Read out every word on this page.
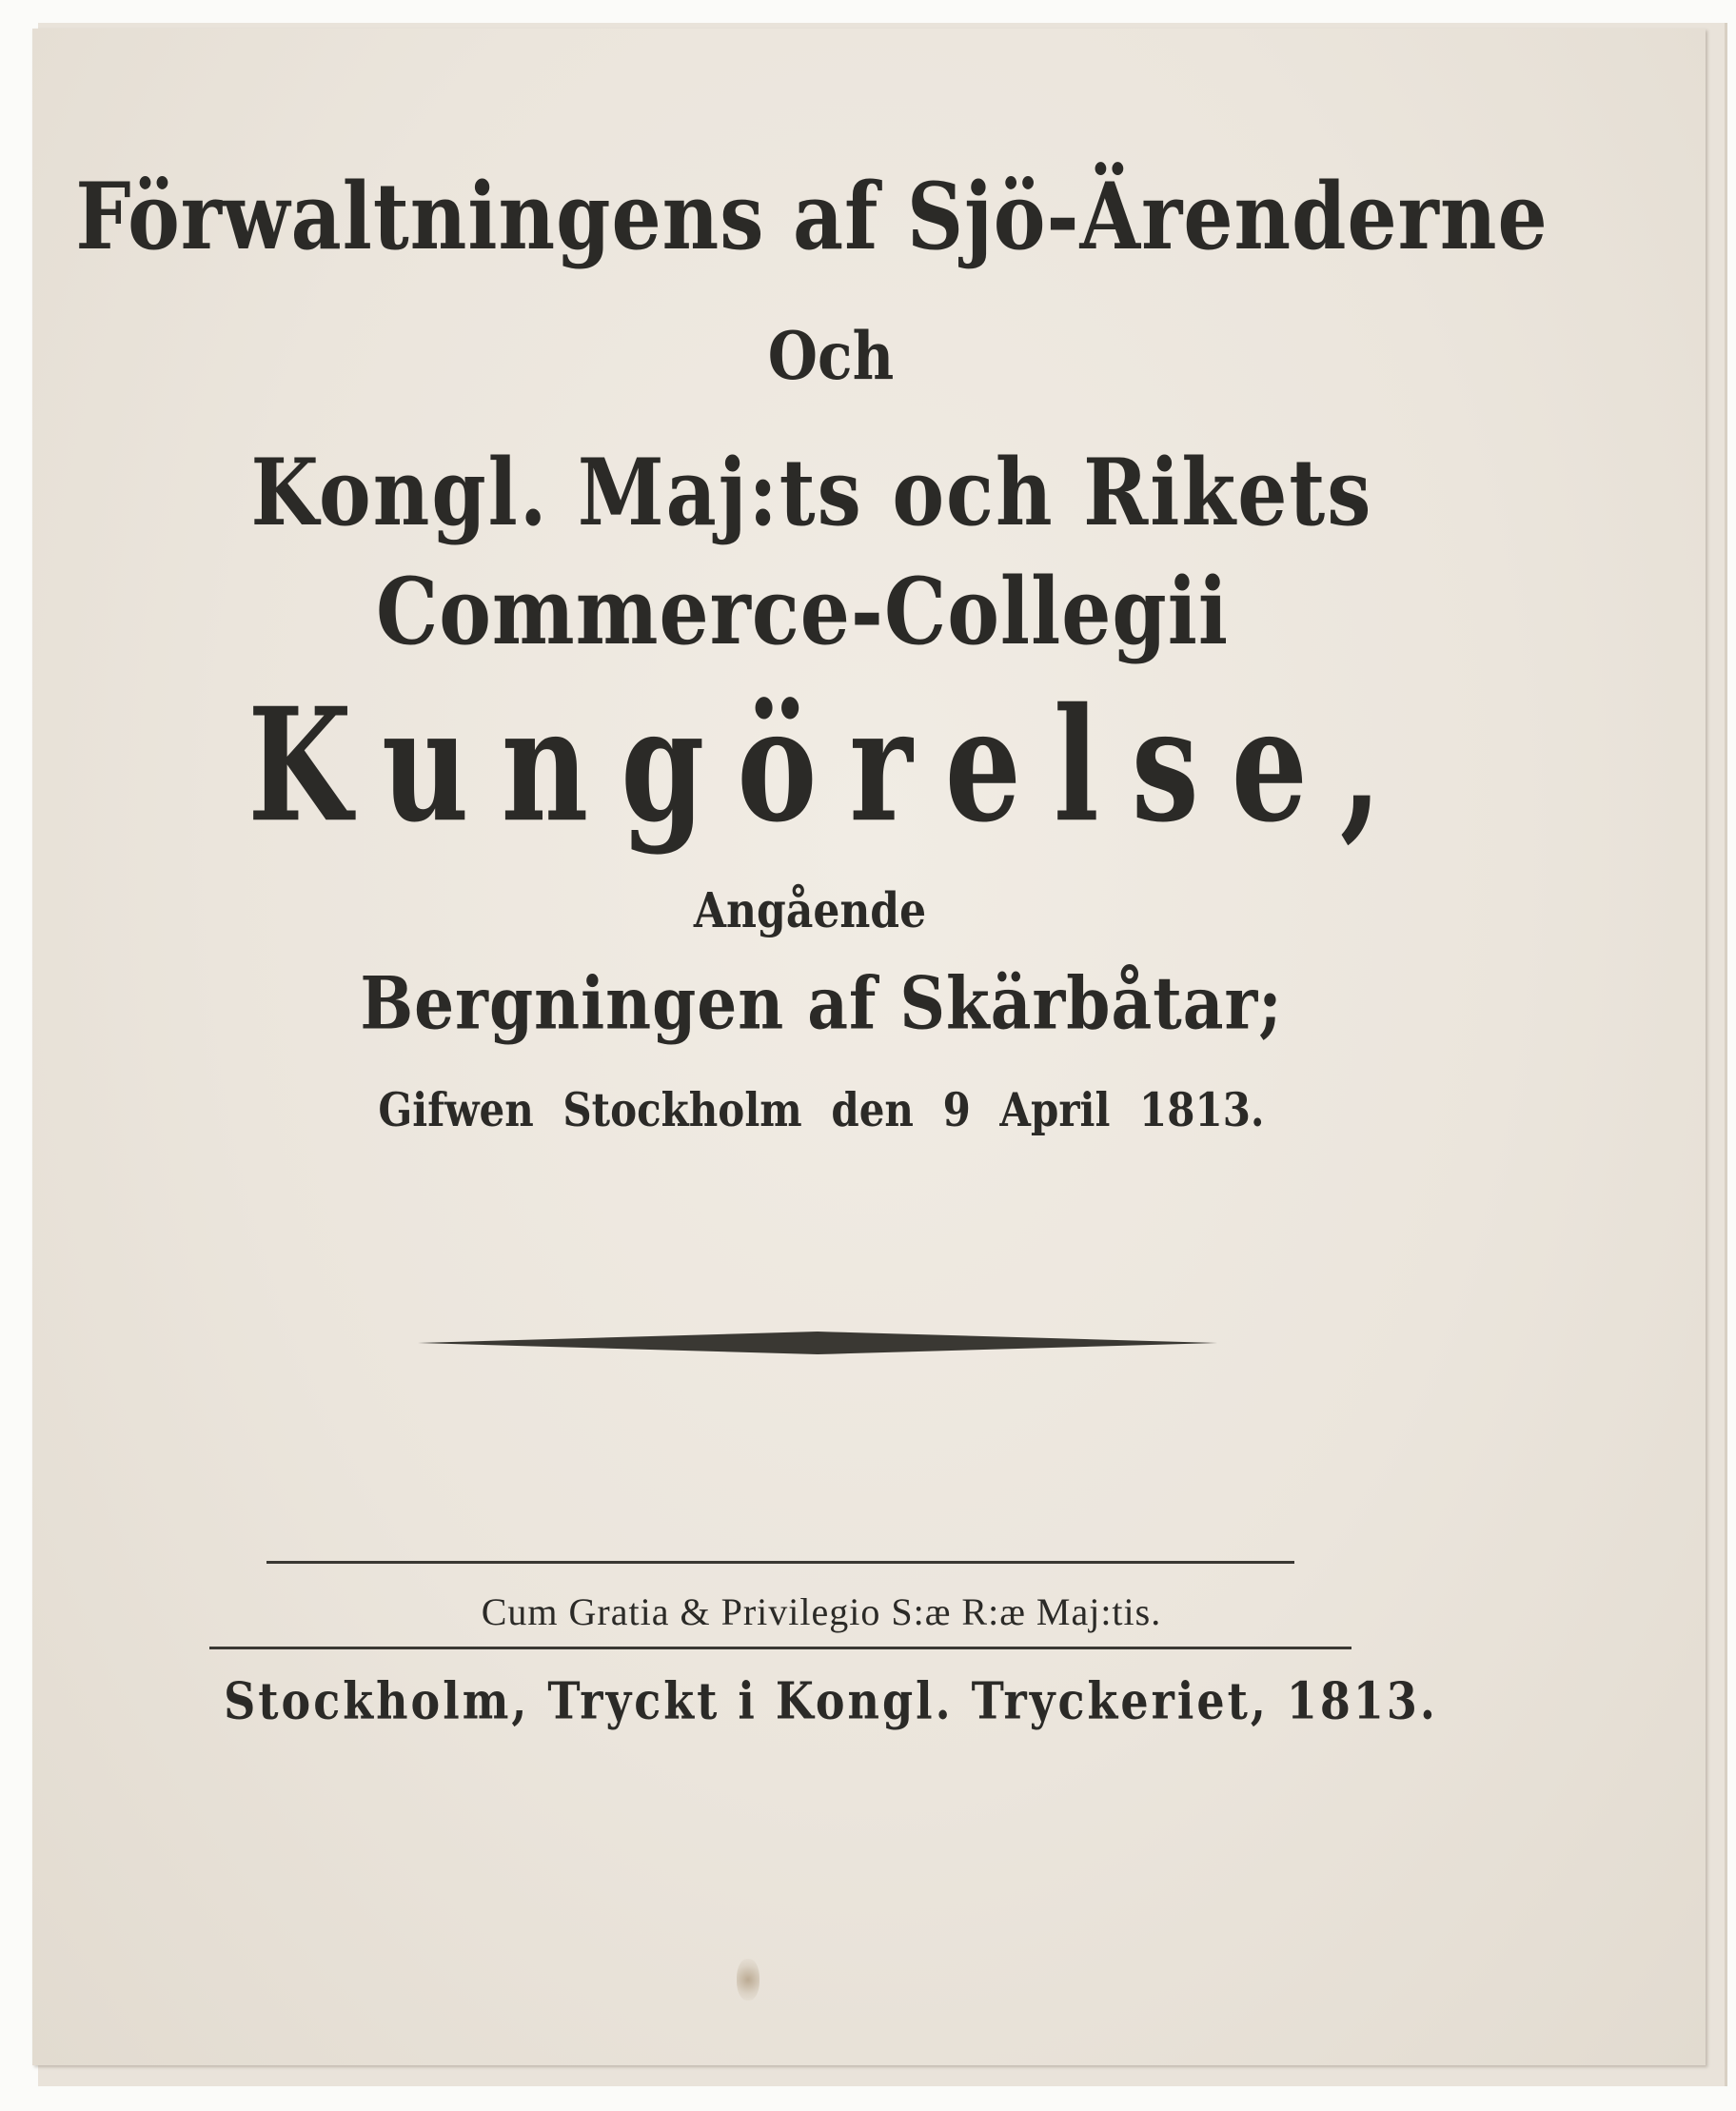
Förwaltningens af Sjö-Ärenderne
Och
Kongl. Maj:ts och Rikets
Commerce-Collegii
Kungörelse,
Angående
Bergningen af Skärbåtar;
Gifwen Stockholm den 9 April 1813.
Cum Gratia & Privilegio S:æ R:æ Maj:tis.
Stockholm, Tryckt i Kongl. Tryckeriet, 1813.
